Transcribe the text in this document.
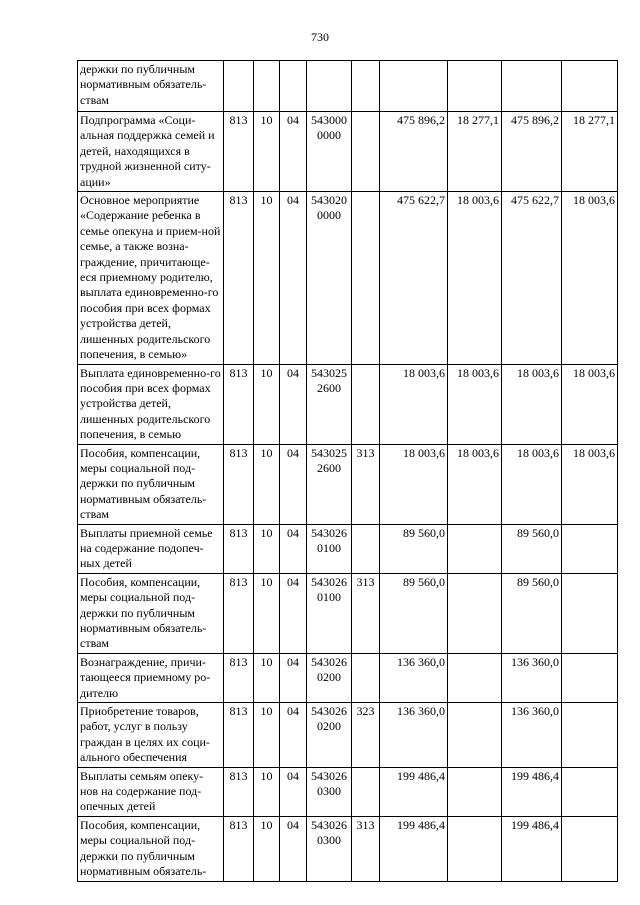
730
держки по публичным нормативным обязатель-ствам									
Подпрограмма «Соци-альная поддержка семей и детей, находящихся в трудной жизненной ситу-ации»	813	10	04	543000 0000		475 896,2	18 277,1	475 896,2	18 277,1
Основное мероприятие «Содержание ребенка в семье опекуна и прием-ной семье, а также возна-граждение, причитающе-еся приемному родителю, выплата единовременно-го пособия при всех формах устройства детей, лишенных родительского попечения, в семью»	813	10	04	543020 0000		475 622,7	18 003,6	475 622,7	18 003,6
Выплата единовременно-го пособия при всех формах устройства детей, лишенных родительского попечения, в семью	813	10	04	543025 2600		18 003,6	18 003,6	18 003,6	18 003,6
Пособия, компенсации, меры социальной под-держки по публичным нормативным обязатель-ствам	813	10	04	543025 2600	313	18 003,6	18 003,6	18 003,6	18 003,6
Выплаты приемной семье на содержание подопеч-ных детей	813	10	04	543026 0100		89 560,0		89 560,0	
Пособия, компенсации, меры социальной под-держки по публичным нормативным обязатель-ствам	813	10	04	543026 0100	313	89 560,0		89 560,0	
Вознаграждение, причи-тающееся приемному ро-дителю	813	10	04	543026 0200		136 360,0		136 360,0	
Приобретение товаров, работ, услуг в пользу граждан в целях их соци-ального обеспечения	813	10	04	543026 0200	323	136 360,0		136 360,0	
Выплаты семьям опеку-нов на содержание под-опечных детей	813	10	04	543026 0300		199 486,4		199 486,4	
Пособия, компенсации, меры социальной под-держки по публичным нормативным обязатель-	813	10	04	543026 0300	313	199 486,4		199 486,4	
